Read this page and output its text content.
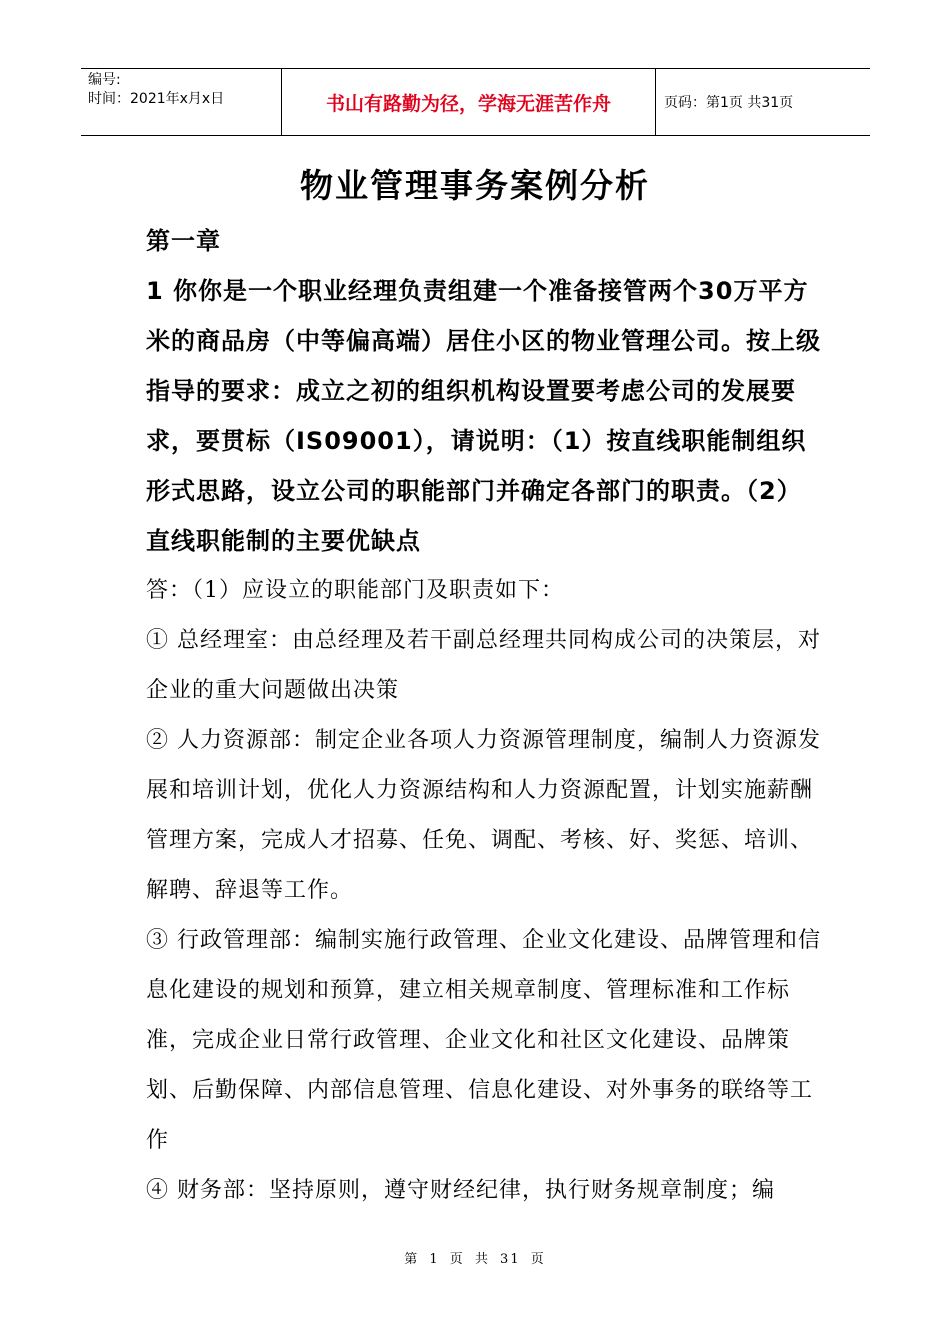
编号:
时间：2021年x月x日	书山有路勤为径，学海无涯苦作舟	页码：第1页 共31页
物业管理事务案例分析

第一章

1 你你是一个职业经理负责组建一个准备接管两个30万平方米的商品房（中等偏高端）居住小区的物业管理公司。按上级指导的要求：成立之初的组织机构设置要考虑公司的发展要求，要贯标（IS09001），请说明：（1）按直线职能制组织形式思路，设立公司的职能部门并确定各部门的职责。（2）直线职能制的主要优缺点

答：（1）应设立的职能部门及职责如下：

① 总经理室：由总经理及若干副总经理共同构成公司的决策层，对企业的重大问题做出决策

② 人力资源部：制定企业各项人力资源管理制度，编制人力资源发展和培训计划，优化人力资源结构和人力资源配置，计划实施薪酬管理方案，完成人才招募、任免、调配、考核、好、奖惩、培训、解聘、辞退等工作。

③ 行政管理部：编制实施行政管理、企业文化建设、品牌管理和信息化建设的规划和预算，建立相关规章制度、管理标准和工作标准，完成企业日常行政管理、企业文化和社区文化建设、品牌策划、后勤保障、内部信息管理、信息化建设、对外事务的联络等工作

④ 财务部：坚持原则，遵守财经纪律，执行财务规章制度；编

第 1 页 共 31 页
